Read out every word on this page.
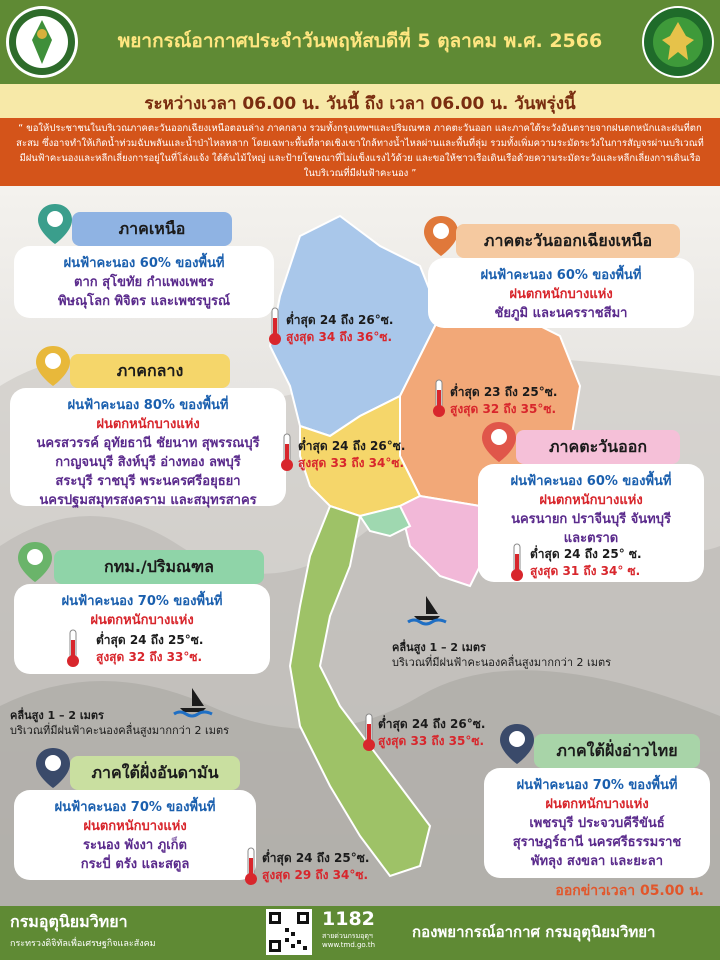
พยากรณ์อากาศประจำวันพฤหัสบดีที่ 5 ตุลาคม พ.ศ. 2566
ระหว่างเวลา 06.00 น. วันนี้ ถึง เวลา 06.00 น. วันพรุ่งนี้
“ ขอให้ประชาชนในบริเวณภาคตะวันออกเฉียงเหนือตอนล่าง ภาคกลาง รวมทั้งกรุงเทพฯและปริมณฑล ภาคตะวันออก และภาคใต้ระวังอันตรายจากฝนตกหนักและฝนที่ตกสะสม ซึ่งอาจทำให้เกิดน้ำท่วมฉับพลันและน้ำป่าไหลหลาก โดยเฉพาะพื้นที่ลาดเชิงเขาใกล้ทางน้ำไหลผ่านและพื้นที่ลุ่ม รวมทั้งเพิ่มความระมัดระวังในการสัญจรผ่านบริเวณที่มีฝนฟ้าคะนองและหลีกเลี่ยงการอยู่ในที่โล่งแจ้ง ใต้ต้นไม้ใหญ่ และป้ายโฆษณาที่ไม่แข็งแรงไว้ด้วย และขอให้ชาวเรือเดินเรือด้วยความระมัดระวังและหลีกเลี่ยงการเดินเรือในบริเวณที่มีฝนฟ้าคะนอง ”
ภาคเหนือ
ฝนฟ้าคะนอง 60% ของพื้นที่
ตาก สุโขทัย กำแพงเพชร
พิษณุโลก พิจิตร และเพชรบูรณ์
ต่ำสุด 24 ถึง 26°ซ.
สูงสุด 34 ถึง 36°ซ.
ภาคตะวันออกเฉียงเหนือ
ฝนฟ้าคะนอง 60% ของพื้นที่
ฝนตกหนักบางแห่ง
ชัยภูมิ และนครราชสีมา
ต่ำสุด 23 ถึง 25°ซ.
สูงสุด 32 ถึง 35°ซ.
ภาคกลาง
ฝนฟ้าคะนอง 80% ของพื้นที่
ฝนตกหนักบางแห่ง
นครสวรรค์ อุทัยธานี ชัยนาท สุพรรณบุรี
กาญจนบุรี สิงห์บุรี อ่างทอง ลพบุรี
สระบุรี ราชบุรี พระนครศรีอยุธยา
นครปฐมสมุทรสงคราม และสมุทรสาคร
ต่ำสุด 24 ถึง 26°ซ.
สูงสุด 33 ถึง 34°ซ.
ภาคตะวันออก
ฝนฟ้าคะนอง 60% ของพื้นที่
ฝนตกหนักบางแห่ง
นครนายก ปราจีนบุรี จันทบุรี
และตราด
ต่ำสุด 24 ถึง 25° ซ.
สูงสุด 31 ถึง 34° ซ.
กทม./ปริมณฑล
ฝนฟ้าคะนอง 70% ของพื้นที่
ฝนตกหนักบางแห่ง
ต่ำสุด 24 ถึง 25°ซ.
สูงสุด 32 ถึง 33°ซ.
คลื่นสูง 1 – 2 เมตร
บริเวณที่มีฝนฟ้าคะนองคลื่นสูงมากกว่า 2 เมตร
คลื่นสูง 1 – 2 เมตร
บริเวณที่มีฝนฟ้าคะนองคลื่นสูงมากกว่า 2 เมตร	ต่ำสุด 24 ถึง 26°ซ.
สูงสุด 33 ถึง 35°ซ.	ภาคใต้ฝั่งอ่าวไทย
ฝนฟ้าคะนอง 70% ของพื้นที่
ฝนตกหนักบางแห่ง
เพชรบุรี ประจวบคีรีขันธ์
สุราษฎร์ธานี นครศรีธรรมราช
พัทลุง สงขลา และยะลา
ภาคใต้ฝั่งอันดามัน
ฝนฟ้าคะนอง 70% ของพื้นที่
ฝนตกหนักบางแห่ง
ระนอง พังงา ภูเก็ต
กระบี่ ตรัง และสตูล	ต่ำสุด 24 ถึง 25°ซ.
สูงสุด 29 ถึง 34°ซ.
ออกข่าวเวลา 05.00 น.
กรมอุตุนิยมวิทยา
กระทรวงดิจิทัลเพื่อเศรษฐกิจและสังคม
1182
สายด่วนกรมอุตุฯ
www.tmd.go.th
กองพยากรณ์อากาศ กรมอุตุนิยมวิทยา
